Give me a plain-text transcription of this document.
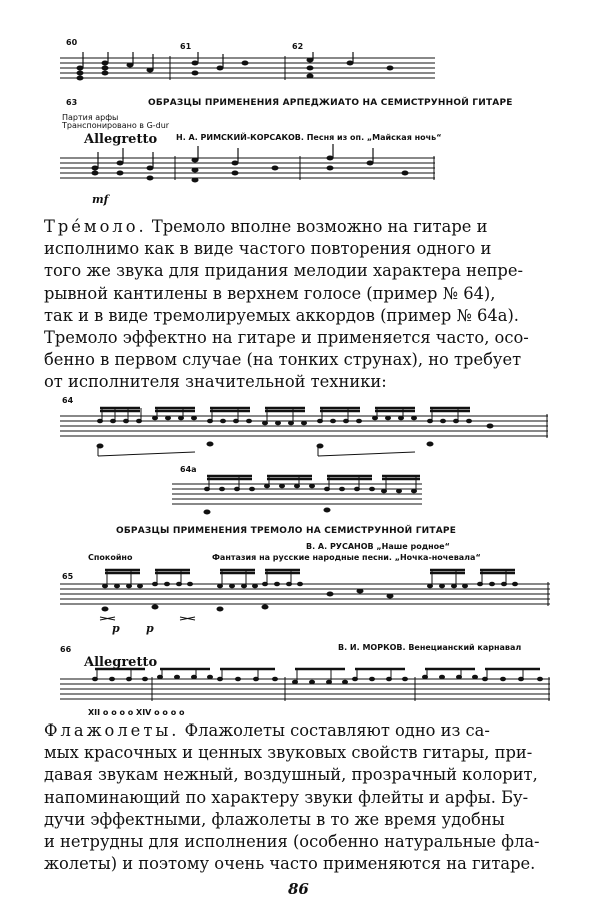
60	61	62
63	ОБРАЗЦЫ ПРИМЕНЕНИЯ АРПЕДЖИАТО НА СЕМИСТРУННОЙ ГИТАРЕ
Партия арфы
Транспонировано в G-dur
Allegretto Н. А. РИМСКИЙ-КОРСАКОВ. Песня из оп. „Майская ночь“
mf
Тре́моло. Тремоло вполне возможно на гитаре и
исполнимо как в виде частого повторения одного и
того же звука для придания мелодии характера непре-
рывной кантилены в верхнем голосе (пример № 64),
так и в виде тремолируемых аккордов (пример № 64а).
Тремоло эффектно на гитаре и применяется часто, осо-
бенно в первом случае (на тонких струнах), но требует
от исполнителя значительной техники:
64
64а
ОБРАЗЦЫ ПРИМЕНЕНИЯ ТРЕМОЛО НА СЕМИСТРУННОЙ ГИТАРЕ
В. А. РУСАНОВ „Наше родное“
Спокойно	Фантазия на русские народные песни. „Ночка-ночевала“
65
p p
66	В. И. МОРКОВ. Венецианский карнавал
Allegretto
XII о о о о XIV о о о о
Флажолеты. Флажолеты составляют одно из са-
мых красочных и ценных звуковых свойств гитары, при-
давая звукам нежный, воздушный, прозрачный колорит,
напоминающий по характеру звуки флейты и арфы. Бу-
дучи эффектными, флажолеты в то же время удобны
и нетрудны для исполнения (особенно натуральные фла-
жолеты) и поэтому очень часто применяются на гитаре.
86
